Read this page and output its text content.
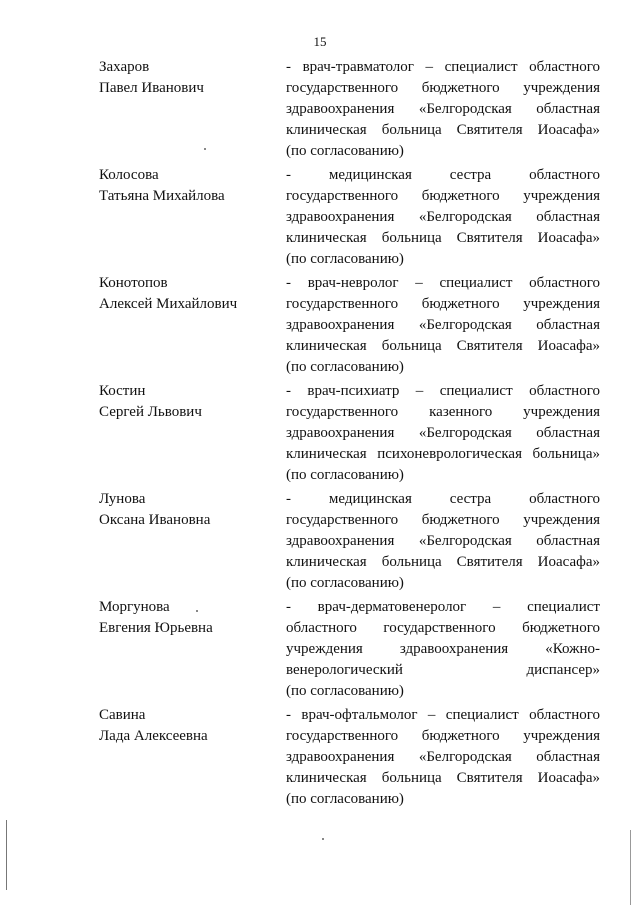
15
Захаров
Павел Иванович
- врач-травматолог – специалист областного
государственного бюджетного учреждения
здравоохранения «Белгородская областная
клиническая больница Святителя Иоасафа»
(по согласованию)
Колосова
Татьяна Михайлова
- медицинская сестра областного
государственного бюджетного учреждения
здравоохранения «Белгородская областная
клиническая больница Святителя Иоасафа»
(по согласованию)
Конотопов
Алексей Михайлович
- врач-невролог – специалист областного
государственного бюджетного учреждения
здравоохранения «Белгородская областная
клиническая больница Святителя Иоасафа»
(по согласованию)
Костин
Сергей Львович
- врач-психиатр – специалист областного
государственного казенного учреждения
здравоохранения «Белгородская областная
клиническая психоневрологическая больница»
(по согласованию)
Лунова
Оксана Ивановна
- медицинская сестра областного
государственного бюджетного учреждения
здравоохранения «Белгородская областная
клиническая больница Святителя Иоасафа»
(по согласованию)
Моргунова
Евгения Юрьевна
- врач-дерматовенеролог – специалист
областного государственного бюджетного
учреждения здравоохранения «Кожно-
венерологический диспансер»
(по согласованию)
Савина
Лада Алексеевна
- врач-офтальмолог – специалист областного
государственного бюджетного учреждения
здравоохранения «Белгородская областная
клиническая больница Святителя Иоасафа»
(по согласованию)
